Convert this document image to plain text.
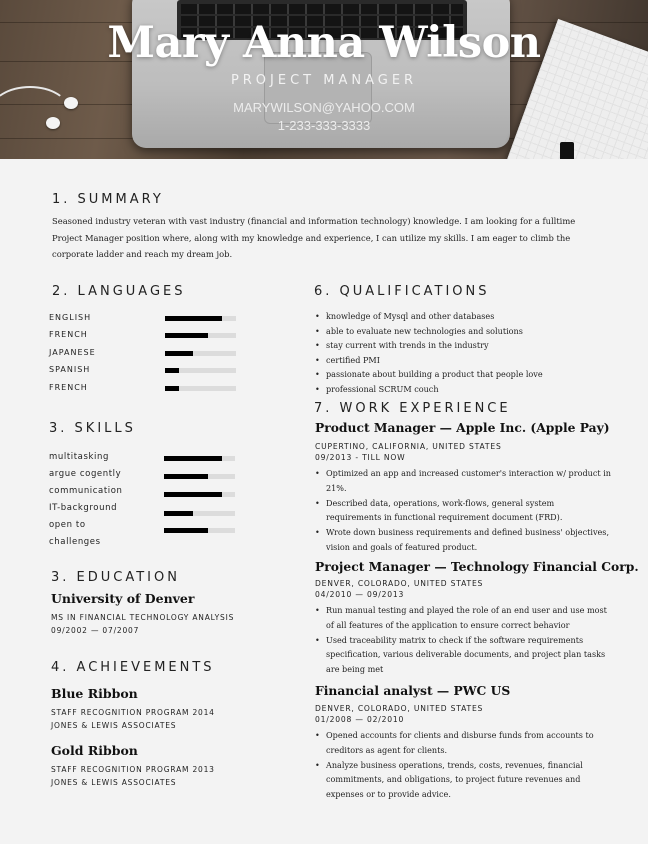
Mary Anna Wilson
PROJECT MANAGER
MARYWILSON@YAHOO.COM
1-233-333-3333
1. SUMMARY
Seasoned industry veteran with vast industry (financial and information technology) knowledge. I am looking for a fulltime Project Manager position where, along with my knowledge and experience, I can utilize my skills. I am eager to climb the corporate ladder and reach my dream job.
2. LANGUAGES
ENGLISH
FRENCH
JAPANESE
SPANISH
FRENCH
3. SKILLS
multitasking
argue cogently
communication
IT-background
open to
challenges
3. EDUCATION
University of Denver
MS IN FINANCIAL TECHNOLOGY ANALYSIS
09/2002 — 07/2007
4. ACHIEVEMENTS
Blue Ribbon
STAFF RECOGNITION PROGRAM 2014
JONES & LEWIS ASSOCIATES
Gold Ribbon
STAFF RECOGNITION PROGRAM 2013
JONES & LEWIS ASSOCIATES
6. QUALIFICATIONS
• knowledge of Mysql and other databases
• able to evaluate new technologies and solutions
• stay current with trends in the industry
• certified PMI
• passionate about building a product that people love
• professional SCRUM couch
7. WORK EXPERIENCE
Product Manager — Apple Inc. (Apple Pay)
CUPERTINO, CALIFORNIA, UNITED STATES
09/2013 - TILL NOW
• Optimized an app and increased customer's interaction w/ product in 21%.
• Described data, operations, work-flows, general system requirements in functional requirement document (FRD).
• Wrote down business requirements and defined business' objectives, vision and goals of featured product.
Project Manager — Technology Financial Corp.
DENVER, COLORADO, UNITED STATES
04/2010 — 09/2013
• Run manual testing and played the role of an end user and use most of all features of the application to ensure correct behavior
• Used traceability matrix to check if the software requirements specification, various deliverable documents, and project plan tasks are being met
Financial analyst — PWC US
DENVER, COLORADO, UNITED STATES
01/2008 — 02/2010
• Opened accounts for clients and disburse funds from accounts to creditors as agent for clients.
• Analyze business operations, trends, costs, revenues, financial commitments, and obligations, to project future revenues and expenses or to provide advice.
